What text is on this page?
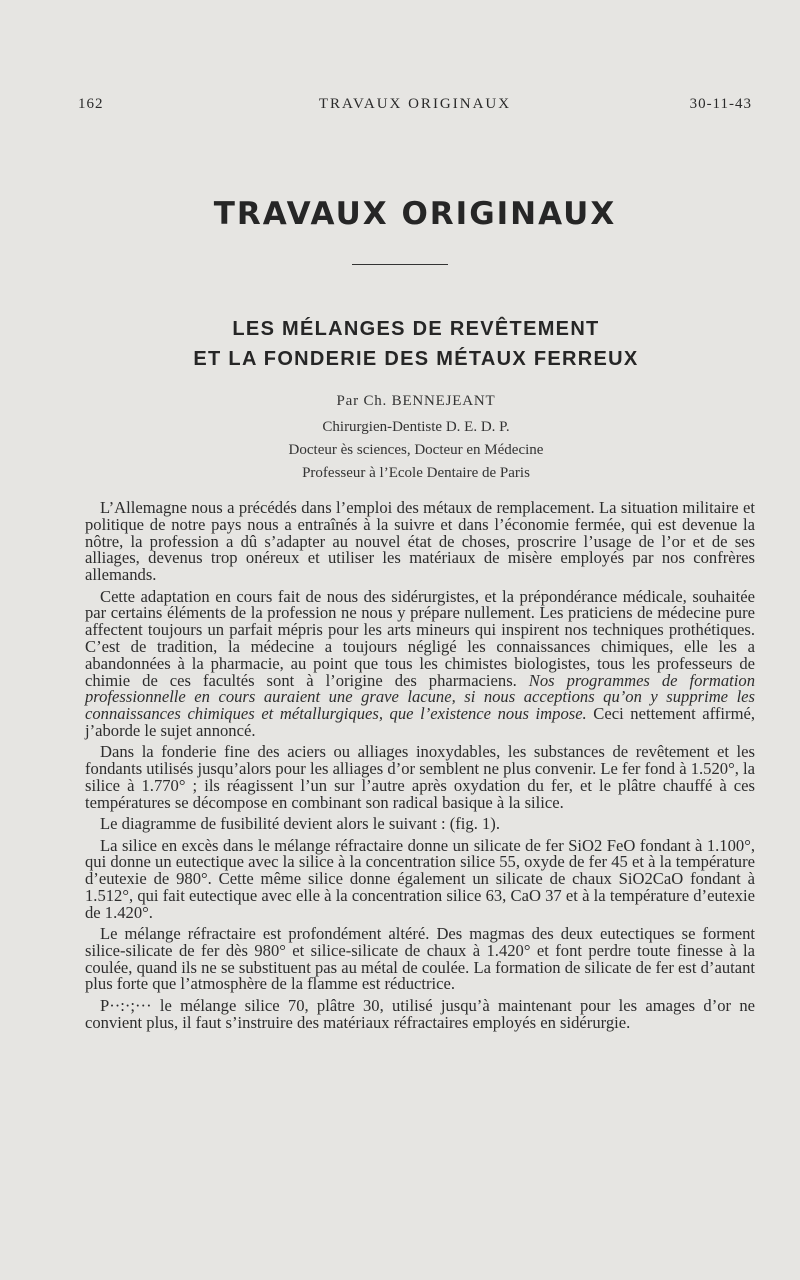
162	TRAVAUX ORIGINAUX	30-11-43
TRAVAUX ORIGINAUX
LES MÉLANGES DE REVÊTEMENT
ET LA FONDERIE DES MÉTAUX FERREUX
Par Ch. BENNEJEANT
Chirurgien-Dentiste D. E. D. P.
Docteur ès sciences, Docteur en Médecine
Professeur à l’Ecole Dentaire de Paris

L’Allemagne nous a précédés dans l’emploi des métaux de remplacement. La situation militaire et politique de notre pays nous a entraînés à la suivre et dans l’économie fermée, qui est devenue la nôtre, la profession a dû s’adapter au nouvel état de choses, proscrire l’usage de l’or et de ses alliages, devenus trop onéreux et utiliser les matériaux de misère employés par nos confrères allemands.

Cette adaptation en cours fait de nous des sidérurgistes, et la prépondérance médicale, souhaitée par certains éléments de la profession ne nous y prépare nullement. Les praticiens de médecine pure affectent toujours un parfait mépris pour les arts mineurs qui inspirent nos techniques prothétiques. C’est de tradition, la médecine a toujours négligé les connaissances chimiques, elle les a abandonnées à la pharmacie, au point que tous les chimistes biologistes, tous les professeurs de chimie de ces facultés sont à l’origine des pharmaciens. Nos programmes de formation professionnelle en cours auraient une grave lacune, si nous acceptions qu’on y supprime les connaissances chimiques et métallurgiques, que l’existence nous impose. Ceci nettement affirmé, j’aborde le sujet annoncé.

Dans la fonderie fine des aciers ou alliages inoxydables, les substances de revêtement et les fondants utilisés jusqu’alors pour les alliages d’or semblent ne plus convenir. Le fer fond à 1.520°, la silice à 1.770° ; ils réagissent l’un sur l’autre après oxydation du fer, et le plâtre chauffé à ces températures se décompose en combinant son radical basique à la silice.

Le diagramme de fusibilité devient alors le suivant : (fig. 1).

La silice en excès dans le mélange réfractaire donne un silicate de fer SiO2 FeO fondant à 1.100°, qui donne un eutectique avec la silice à la concentration silice 55, oxyde de fer 45 et à la température d’eutexie de 980°. Cette même silice donne également un silicate de chaux SiO2CaO fondant à 1.512°, qui fait eutectique avec elle à la concentration silice 63, CaO 37 et à la température d’eutexie de 1.420°.

Le mélange réfractaire est profondément altéré. Des magmas des deux eutectiques se forment silice-silicate de fer dès 980° et silice-silicate de chaux à 1.420° et font perdre toute finesse à la coulée, quand ils ne se substituent pas au métal de coulée. La formation de silicate de fer est d’autant plus forte que l’atmosphère de la flamme est réductrice.

P··:·;··· le mélange silice 70, plâtre 30, utilisé jusqu’à maintenant pour les amages d’or ne convient plus, il faut s’instruire des matériaux réfractaires employés en sidérurgie.
